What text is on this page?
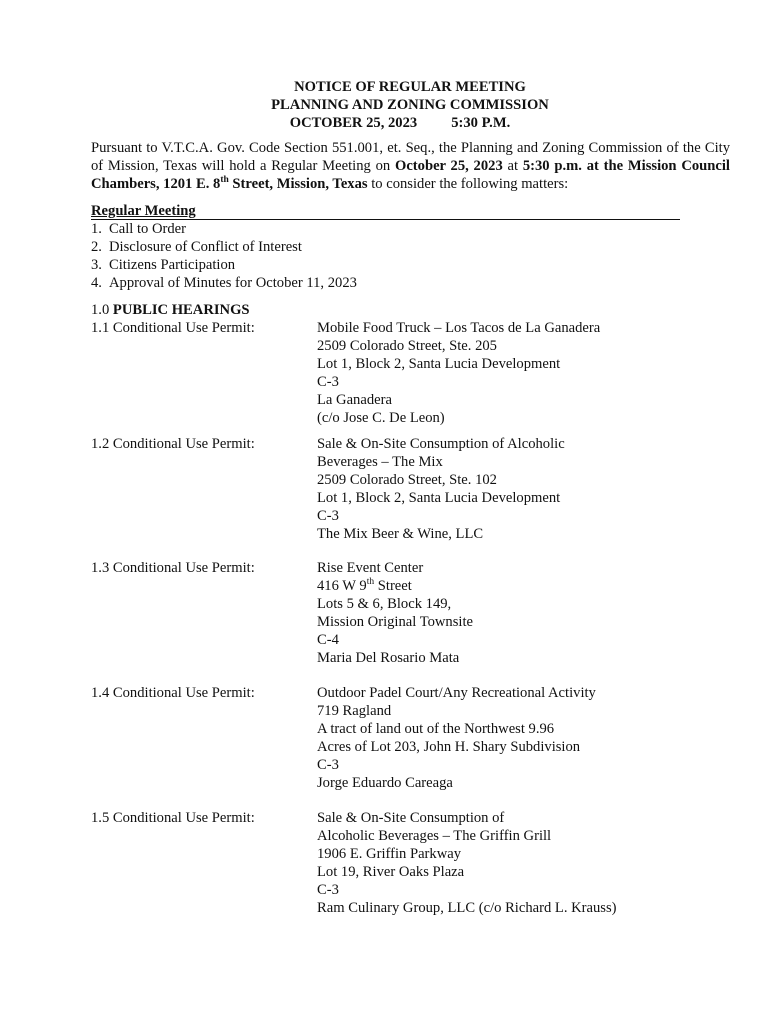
NOTICE OF REGULAR MEETING
PLANNING AND ZONING COMMISSION
OCTOBER 25, 2023 5:30 P.M.
Pursuant to V.T.C.A. Gov. Code Section 551.001, et. Seq., the Planning and Zoning Commission of the City of Mission, Texas will hold a Regular Meeting on October 25, 2023 at 5:30 p.m. at the Mission Council Chambers, 1201 E. 8th Street, Mission, Texas to consider the following matters:
Regular Meeting
1. Call to Order
2. Disclosure of Conflict of Interest
3. Citizens Participation
4. Approval of Minutes for October 11, 2023
1.0 PUBLIC HEARINGS
1.1 Conditional Use Permit:	Mobile Food Truck – Los Tacos de La Ganadera
2509 Colorado Street, Ste. 205
Lot 1, Block 2, Santa Lucia Development
C-3
La Ganadera
(c/o Jose C. De Leon)
1.2 Conditional Use Permit:	Sale & On-Site Consumption of Alcoholic
Beverages – The Mix
2509 Colorado Street, Ste. 102
Lot 1, Block 2, Santa Lucia Development
C-3
The Mix Beer & Wine, LLC
1.3 Conditional Use Permit:	Rise Event Center
416 W 9th Street
Lots 5 & 6, Block 149,
Mission Original Townsite
C-4
Maria Del Rosario Mata
1.4 Conditional Use Permit:	Outdoor Padel Court/Any Recreational Activity
719 Ragland
A tract of land out of the Northwest 9.96
Acres of Lot 203, John H. Shary Subdivision
C-3
Jorge Eduardo Careaga
1.5 Conditional Use Permit:	Sale & On-Site Consumption of
Alcoholic Beverages – The Griffin Grill
1906 E. Griffin Parkway
Lot 19, River Oaks Plaza
C-3
Ram Culinary Group, LLC (c/o Richard L. Krauss)
